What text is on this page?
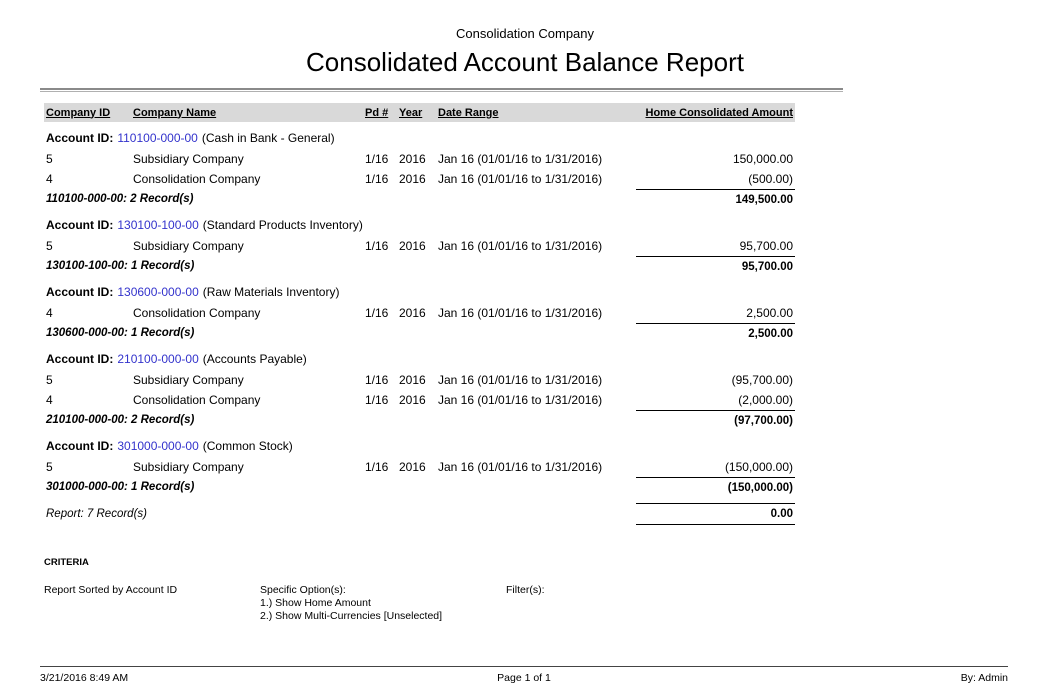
Consolidation Company
Consolidated Account Balance Report
Company ID	Company Name	Pd # Year	Date Range	Home Consolidated Amount
Account ID: 110100-000-00 (Cash in Bank - General)
5	Subsidiary Company	1/16 2016	Jan 16 (01/01/16 to 1/31/2016)	150,000.00
4	Consolidation Company	1/16 2016	Jan 16 (01/01/16 to 1/31/2016)	(500.00)
110100-000-00: 2 Record(s)	149,500.00
Account ID: 130100-100-00 (Standard Products Inventory)
5	Subsidiary Company	1/16 2016	Jan 16 (01/01/16 to 1/31/2016)	95,700.00
130100-100-00: 1 Record(s)	95,700.00
Account ID: 130600-000-00 (Raw Materials Inventory)
4	Consolidation Company	1/16 2016	Jan 16 (01/01/16 to 1/31/2016)	2,500.00
130600-000-00: 1 Record(s)	2,500.00
Account ID: 210100-000-00 (Accounts Payable)
5	Subsidiary Company	1/16 2016	Jan 16 (01/01/16 to 1/31/2016)	(95,700.00)
4	Consolidation Company	1/16 2016	Jan 16 (01/01/16 to 1/31/2016)	(2,000.00)
210100-000-00: 2 Record(s)	(97,700.00)
Account ID: 301000-000-00 (Common Stock)
5	Subsidiary Company	1/16 2016	Jan 16 (01/01/16 to 1/31/2016)	(150,000.00)
301000-000-00: 1 Record(s)	(150,000.00)
Report: 7 Record(s)	0.00
CRITERIA
Report Sorted by Account ID	Specific Option(s):
1.) Show Home Amount
2.) Show Multi-Currencies [Unselected]
Filter(s):
3/21/2016 8:49 AM	Page 1 of 1	By: Admin
